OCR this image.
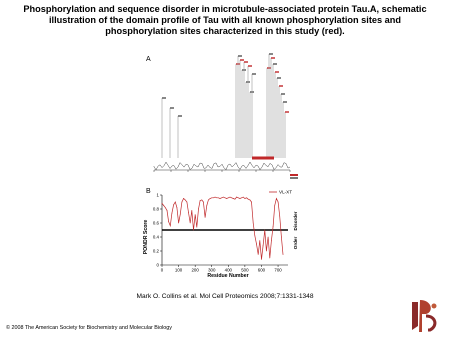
Phosphorylation and sequence disorder in microtubule-associated protein Tau.A, schematic illustration of the domain profile of Tau with all known phosphorylation sites and phosphorylation sites characterized in this study (red).
A
B
PONDR Score
Residue Number
Disorder
Order
VL-XT
0
0.2
0.4
0.6
0.8
1
0	100 200 300 400 500 600 700
Mark O. Collins et al. Mol Cell Proteomics 2008;7:1331-1348
© 2008 The American Society for Biochemistry and Molecular Biology
